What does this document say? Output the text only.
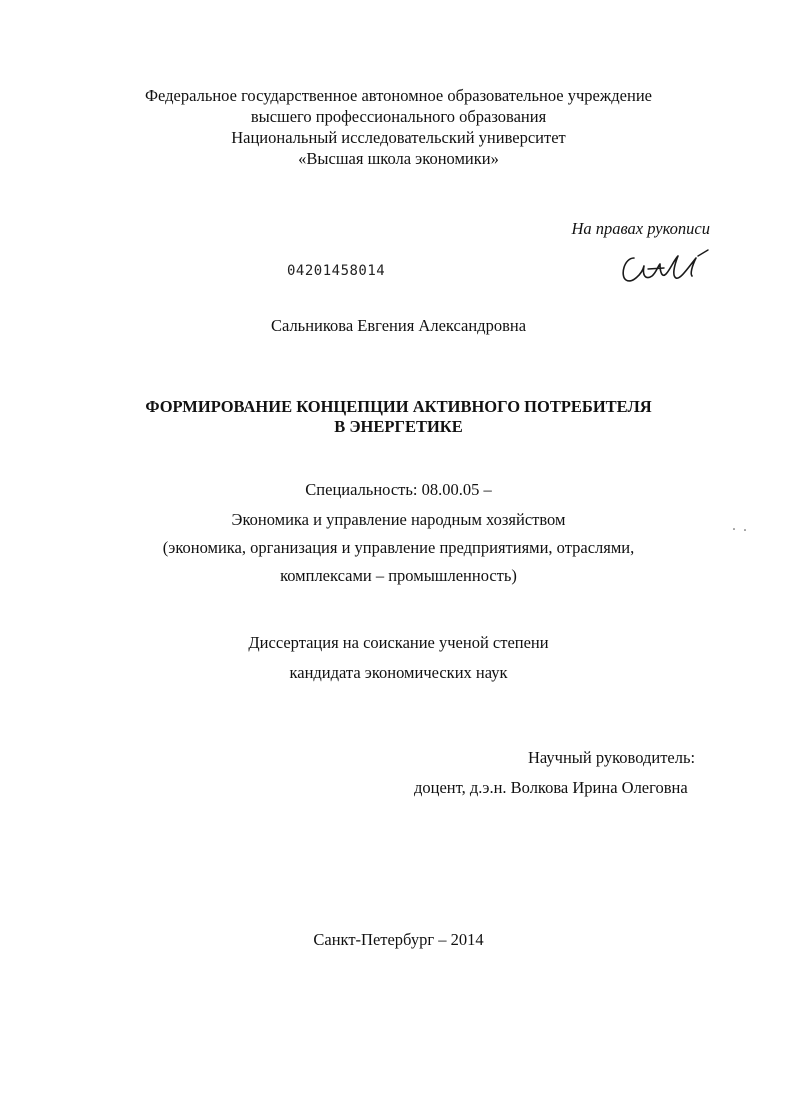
Федеральное государственное автономное образовательное учреждение
высшего профессионального образования
Национальный исследовательский университет
«Высшая школа экономики»
На правах рукописи
04201458014
Сальникова Евгения Александровна
ФОРМИРОВАНИЕ КОНЦЕПЦИИ АКТИВНОГО ПОТРЕБИТЕЛЯ
В ЭНЕРГЕТИКЕ
Специальность: 08.00.05 –
Экономика и управление народным хозяйством
(экономика, организация и управление предприятиями, отраслями,
комплексами – промышленность)
Диссертация на соискание ученой степени
кандидата экономических наук
Научный руководитель:
доцент, д.э.н. Волкова Ирина Олеговна
Санкт-Петербург – 2014
